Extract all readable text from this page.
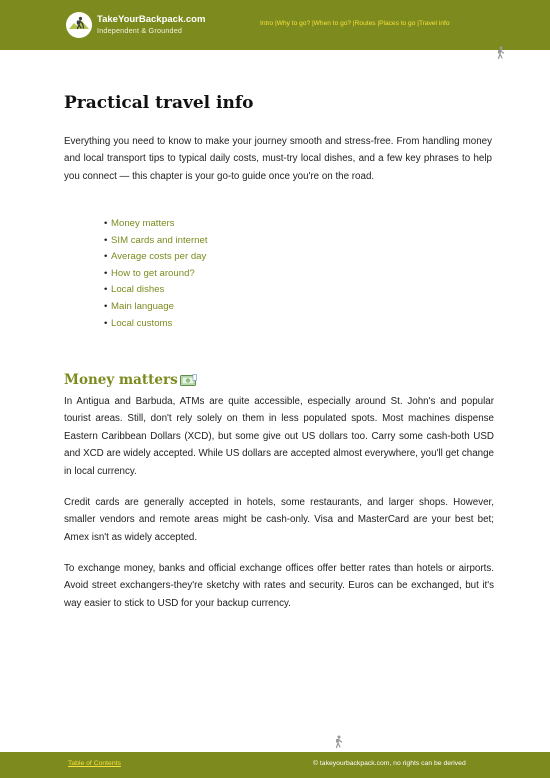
TakeYourBackpack.com
Independent & Grounded
Intro |Why to go? |When to go? |Routes |Places to go |Travel info
Practical travel info

Everything you need to know to make your journey smooth and stress-free. From handling money and local transport tips to typical daily costs, must-try local dishes, and a few key phrases to help you connect — this chapter is your go-to guide once you're on the road.

• Money matters
• SIM cards and internet
• Average costs per day
• How to get around?
• Local dishes
• Main language
• Local customs
Money matters

In Antigua and Barbuda, ATMs are quite accessible, especially around St. John's and popular tourist areas. Still, don't rely solely on them in less populated spots. Most machines dispense Eastern Caribbean Dollars (XCD), but some give out US dollars too. Carry some cash-both USD and XCD are widely accepted. While US dollars are accepted almost everywhere, you'll get change in local currency.

Credit cards are generally accepted in hotels, some restaurants, and larger shops. However, smaller vendors and remote areas might be cash-only. Visa and MasterCard are your best bet; Amex isn't as widely accepted.

To exchange money, banks and official exchange offices offer better rates than hotels or airports. Avoid street exchangers-they're sketchy with rates and security. Euros can be exchanged, but it's way easier to stick to USD for your backup currency.

Table of Contents	© takeyourbackpack.com, no rights can be derived
